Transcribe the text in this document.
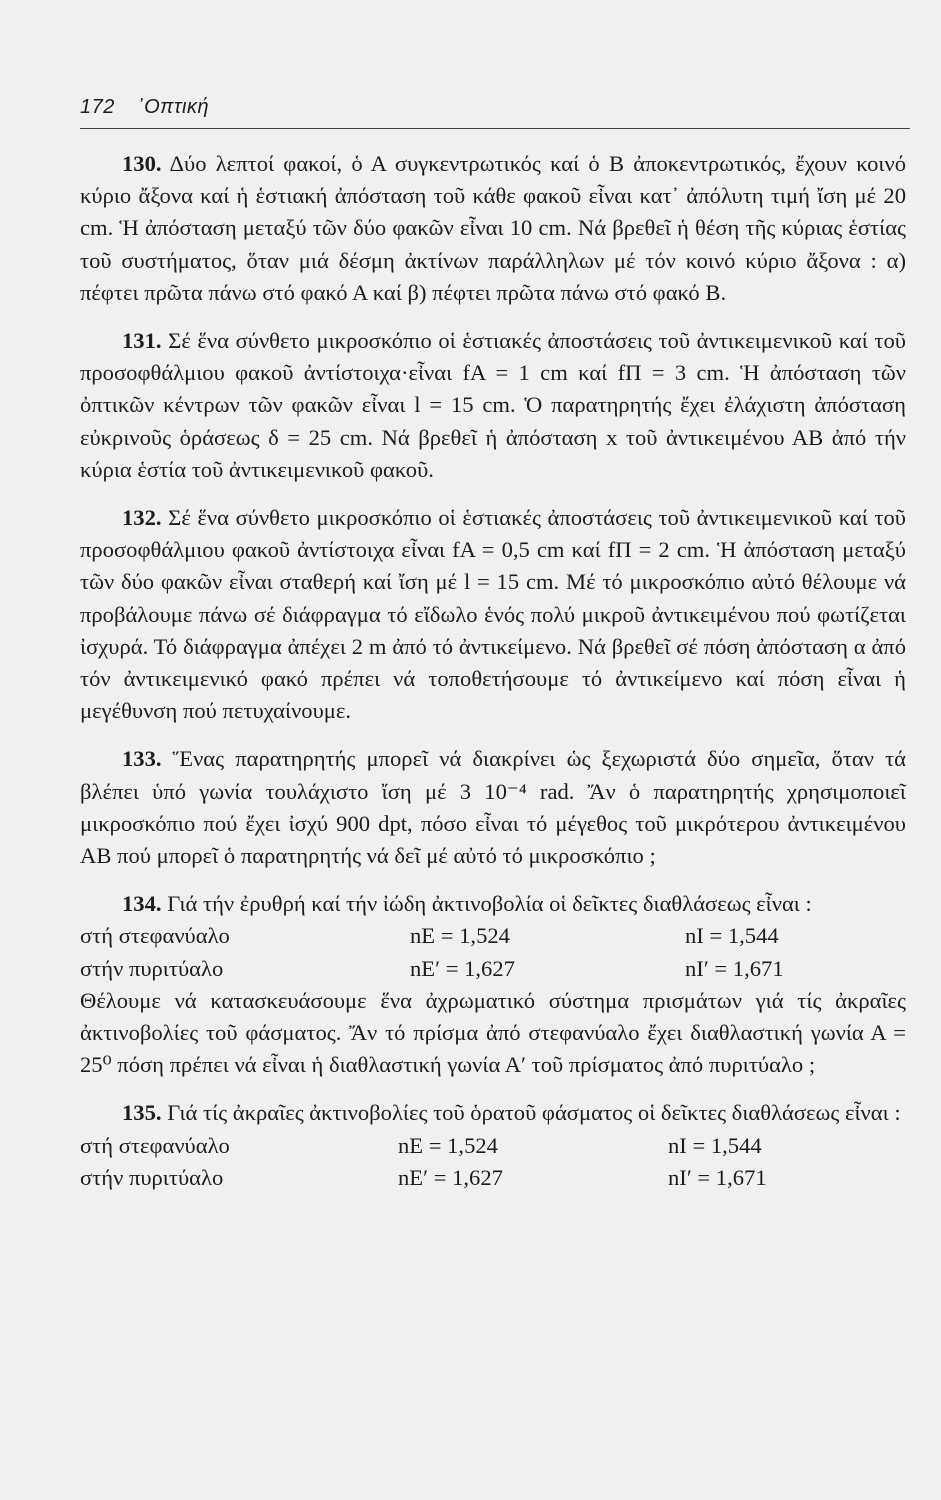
172 ᾿Οπτική

130. Δύο λεπτοί φακοί, ὁ Α συγκεντρωτικός καί ὁ Β ἀποκεντρωτικός, ἔχουν κοινό κύριο ἄξονα καί ἡ ἑστιακή ἀπόσταση τοῦ κάθε φακοῦ εἶναι κατ᾿ ἀπόλυτη τιμή ἴση μέ 20 cm. Ἡ ἀπόσταση μεταξύ τῶν δύο φακῶν εἶναι 10 cm. Νά βρεθεῖ ἡ θέση τῆς κύριας ἑστίας τοῦ συστήματος, ὅταν μιά δέσμη ἀκτίνων παράλληλων μέ τόν κοινό κύριο ἄξονα : α) πέφτει πρῶτα πάνω στό φακό Α καί β) πέφτει πρῶτα πάνω στό φακό Β.

131. Σέ ἕνα σύνθετο μικροσκόπιο οἱ ἑστιακές ἀποστάσεις τοῦ ἀντικειμενικοῦ καί τοῦ προσοφθάλμιου φακοῦ ἀντίστοιχα·εἶναι fΑ = 1 cm καί fΠ = 3 cm. Ἡ ἀπόσταση τῶν ὀπτικῶν κέντρων τῶν φακῶν εἶναι l = 15 cm. Ὁ παρατηρητής ἔχει ἐλάχιστη ἀπόσταση εὐκρινοῦς ὁράσεως δ = 25 cm. Νά βρεθεῖ ἡ ἀπόσταση x τοῦ ἀντικειμένου ΑΒ ἀπό τήν κύρια ἑστία τοῦ ἀντικειμενικοῦ φακοῦ.

132. Σέ ἕνα σύνθετο μικροσκόπιο οἱ ἑστιακές ἀποστάσεις τοῦ ἀντικειμενικοῦ καί τοῦ προσοφθάλμιου φακοῦ ἀντίστοιχα εἶναι fΑ = 0,5 cm καί fΠ = 2 cm. Ἡ ἀπόσταση μεταξύ τῶν δύο φακῶν εἶναι σταθερή καί ἴση μέ l = 15 cm. Μέ τό μικροσκόπιο αὐτό θέλουμε νά προβάλουμε πάνω σέ διάφραγμα τό εἴδωλο ἑνός πολύ μικροῦ ἀντικειμένου πού φωτίζεται ἰσχυρά. Τό διάφραγμα ἀπέχει 2 m ἀπό τό ἀντικείμενο. Νά βρεθεῖ σέ πόση ἀπόσταση α ἀπό τόν ἀντικειμενικό φακό πρέπει νά τοποθετήσουμε τό ἀντικείμενο καί πόση εἶναι ἡ μεγέθυνση πού πετυχαίνουμε.

133. Ἕνας παρατηρητής μπορεῖ νά διακρίνει ὡς ξεχωριστά δύο σημεῖα, ὅταν τά βλέπει ὑπό γωνία τουλάχιστο ἴση μέ 3 10⁻⁴ rad. Ἄν ὁ παρατηρητής χρησιμοποιεῖ μικροσκόπιο πού ἔχει ἰσχύ 900 dpt, πόσο εἶναι τό μέγεθος τοῦ μικρότερου ἀντικειμένου ΑΒ πού μπορεῖ ὁ παρατηρητής νά δεῖ μέ αὐτό τό μικροσκόπιο ;

134. Γιά τήν ἐρυθρή καί τήν ἰώδη ἀκτινοβολία οἱ δεῖκτες διαθλάσεως εἶναι :

στή στεφανύαλο	nE = 1,524	nI = 1,544
στήν πυριτύαλο	nE′ = 1,627	nI′ = 1,671

Θέλουμε νά κατασκευάσουμε ἕνα ἀχρωματικό σύστημα πρισμάτων γιά τίς ἀκραῖες ἀκτινοβολίες τοῦ φάσματος. Ἄν τό πρίσμα ἀπό στεφανύαλο ἔχει διαθλαστική γωνία Α = 25⁰ πόση πρέπει νά εἶναι ἡ διαθλαστική γωνία Α′ τοῦ πρίσματος ἀπό πυριτύαλο ;

135. Γιά τίς ἀκραῖες ἀκτινοβολίες τοῦ ὁρατοῦ φάσματος οἱ δεῖκτες διαθλάσεως εἶναι :

στή στεφανύαλο	nE = 1,524	nI = 1,544
στήν πυριτύαλο	nE′ = 1,627	nI′ = 1,671
